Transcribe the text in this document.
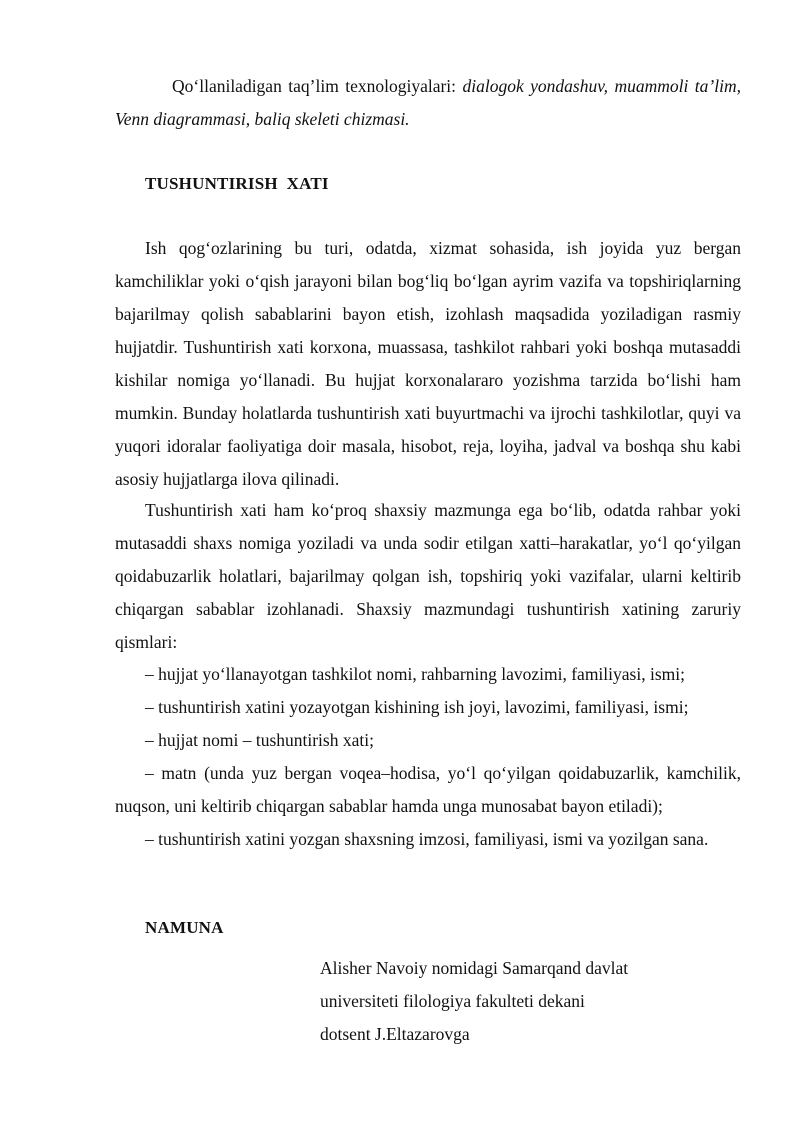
Qo‘llaniladigan taq’lim texnologiyalari: dialogok yondashuv, muammoli ta’lim, Venn diagrammasi, baliq skeleti chizmasi.

TUSHUNTIRISH  XATI

Ish qog‘ozlarining bu turi, odatda, xizmat sohasida, ish joyida yuz bergan kamchiliklar yoki o‘qish jarayoni bilan bog‘liq bo‘lgan ayrim vazifa va topshiriqlarning bajarilmay qolish sabablarini bayon etish, izohlash maqsadida yoziladigan rasmiy hujjatdir. Tushuntirish xati korxona, muassasa, tashkilot rahbari yoki boshqa mutasaddi kishilar nomiga yo‘llanadi. Bu hujjat korxonalararo yozishma tarzida bo‘lishi ham mumkin. Bunday holatlarda tushuntirish xati buyurtmachi va ijrochi tashkilotlar, quyi va yuqori idoralar faoliyatiga doir masala, hisobot, reja, loyiha, jadval va boshqa shu kabi asosiy hujjatlarga ilova qilinadi.

Tushuntirish xati ham ko‘proq shaxsiy mazmunga ega bo‘lib, odatda rahbar yoki mutasaddi shaxs nomiga yoziladi va unda sodir etilgan xatti–harakatlar, yo‘l qo‘yilgan qoidabuzarlik holatlari, bajarilmay qolgan ish, topshiriq yoki vazifalar, ularni keltirib chiqargan sabablar izohlanadi. Shaxsiy mazmundagi tushuntirish xatining zaruriy qismlari:

– hujjat yo‘llanayotgan tashkilot nomi, rahbarning lavozimi, familiyasi, ismi;
– tushuntirish xatini yozayotgan kishining ish joyi, lavozimi, familiyasi, ismi;
– hujjat nomi – tushuntirish xati;
– matn (unda yuz bergan voqea–hodisa, yo‘l qo‘yilgan qoidabuzarlik, kamchilik, nuqson, uni keltirib chiqargan sabablar hamda unga munosabat bayon etiladi);
– tushuntirish xatini yozgan shaxsning imzosi, familiyasi, ismi va yozilgan sana.
NAMUNA
Alisher Navoiy nomidagi Samarqand davlat
universiteti filologiya fakulteti dekani
dotsent J.Eltazarovga
